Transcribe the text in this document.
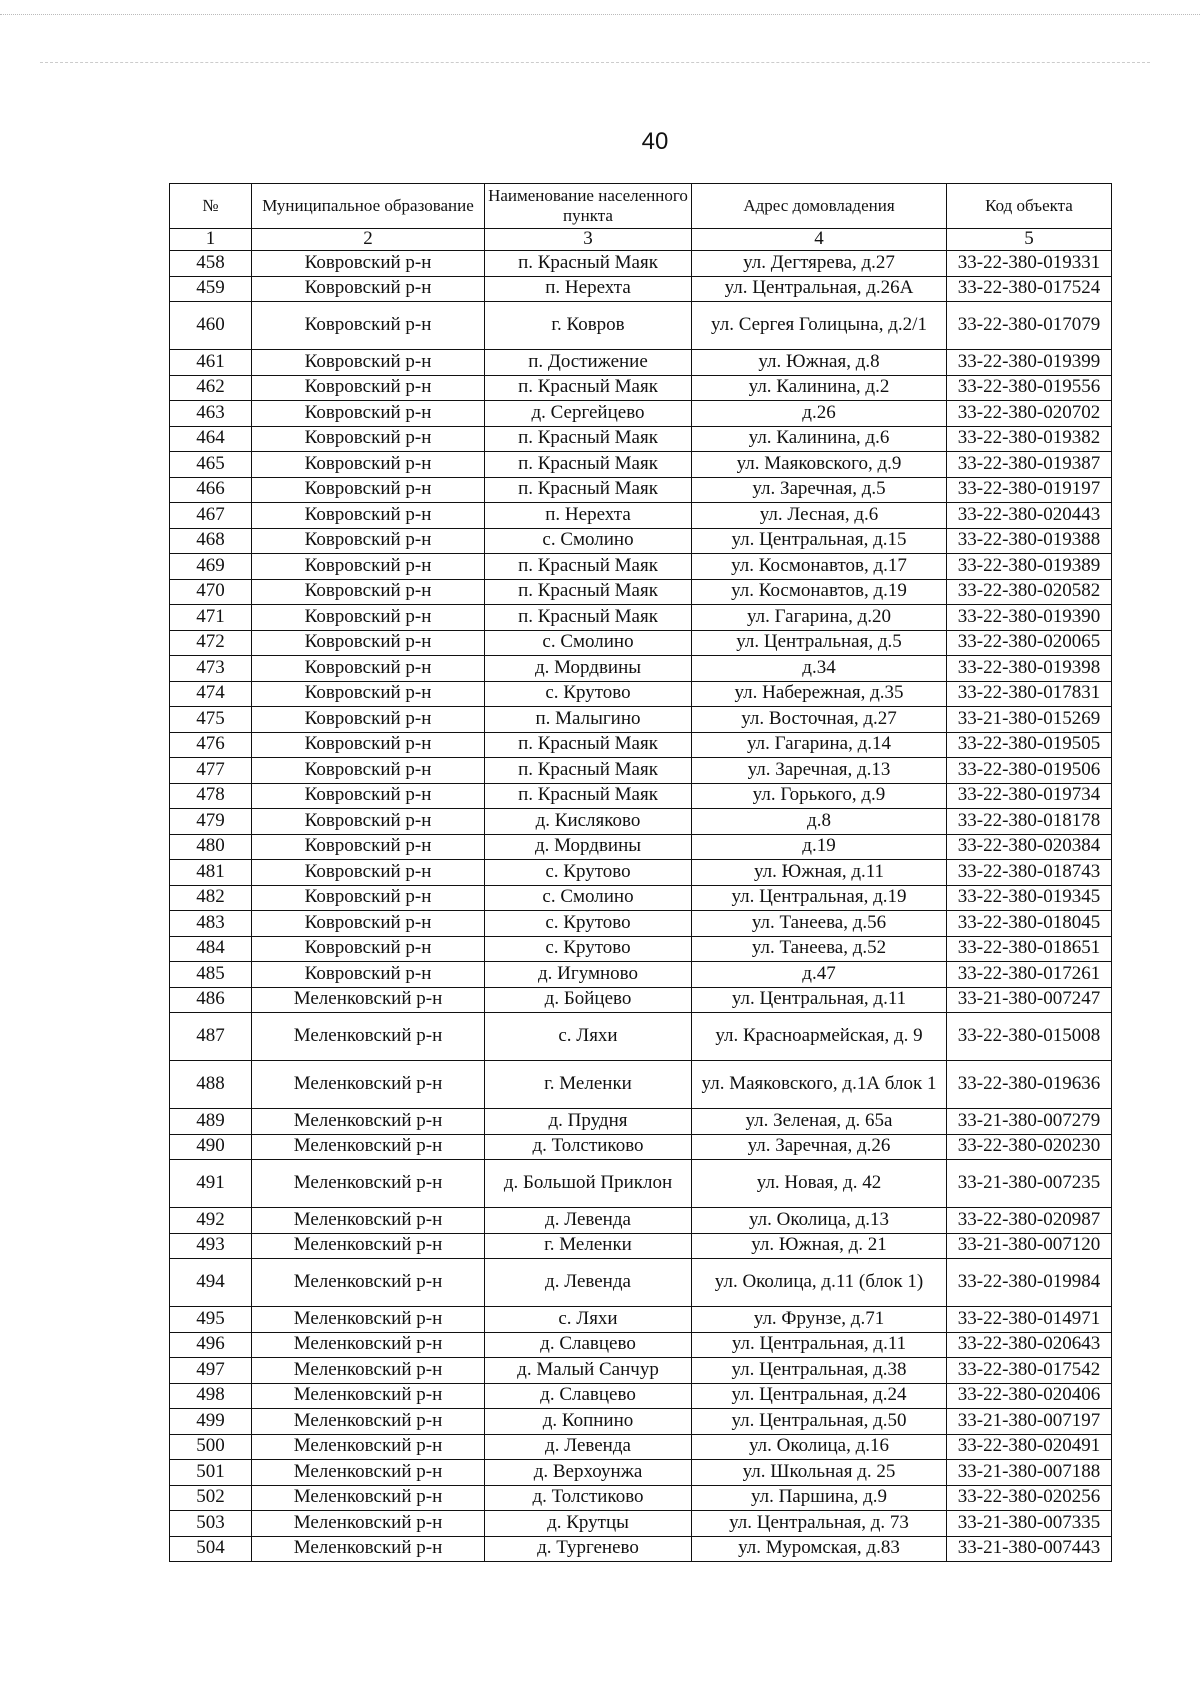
40
№	Муниципальное образование	Наименование населенного пункта	Адрес домовладения	Код объекта
1	2	3	4	5
458	Ковровский р-н	п. Красный Маяк	ул. Дегтярева, д.27	33-22-380-019331
459	Ковровский р-н	п. Нерехта	ул. Центральная, д.26А	33-22-380-017524
460	Ковровский р-н	г. Ковров	ул. Сергея Голицына, д.2/1	33-22-380-017079
461	Ковровский р-н	п. Достижение	ул. Южная, д.8	33-22-380-019399
462	Ковровский р-н	п. Красный Маяк	ул. Калинина, д.2	33-22-380-019556
463	Ковровский р-н	д. Сергейцево	д.26	33-22-380-020702
464	Ковровский р-н	п. Красный Маяк	ул. Калинина, д.6	33-22-380-019382
465	Ковровский р-н	п. Красный Маяк	ул. Маяковского, д.9	33-22-380-019387
466	Ковровский р-н	п. Красный Маяк	ул. Заречная, д.5	33-22-380-019197
467	Ковровский р-н	п. Нерехта	ул. Лесная, д.6	33-22-380-020443
468	Ковровский р-н	с. Смолино	ул. Центральная, д.15	33-22-380-019388
469	Ковровский р-н	п. Красный Маяк	ул. Космонавтов, д.17	33-22-380-019389
470	Ковровский р-н	п. Красный Маяк	ул. Космонавтов, д.19	33-22-380-020582
471	Ковровский р-н	п. Красный Маяк	ул. Гагарина, д.20	33-22-380-019390
472	Ковровский р-н	с. Смолино	ул. Центральная, д.5	33-22-380-020065
473	Ковровский р-н	д. Мордвины	д.34	33-22-380-019398
474	Ковровский р-н	с. Крутово	ул. Набережная, д.35	33-22-380-017831
475	Ковровский р-н	п. Малыгино	ул. Восточная, д.27	33-21-380-015269
476	Ковровский р-н	п. Красный Маяк	ул. Гагарина, д.14	33-22-380-019505
477	Ковровский р-н	п. Красный Маяк	ул. Заречная, д.13	33-22-380-019506
478	Ковровский р-н	п. Красный Маяк	ул. Горького, д.9	33-22-380-019734
479	Ковровский р-н	д. Кисляково	д.8	33-22-380-018178
480	Ковровский р-н	д. Мордвины	д.19	33-22-380-020384
481	Ковровский р-н	с. Крутово	ул. Южная, д.11	33-22-380-018743
482	Ковровский р-н	с. Смолино	ул. Центральная, д.19	33-22-380-019345
483	Ковровский р-н	с. Крутово	ул. Танеева, д.56	33-22-380-018045
484	Ковровский р-н	с. Крутово	ул. Танеева, д.52	33-22-380-018651
485	Ковровский р-н	д. Игумново	д.47	33-22-380-017261
486	Меленковский р-н	д. Бойцево	ул. Центральная, д.11	33-21-380-007247
487	Меленковский р-н	с. Ляхи	ул. Красноармейская, д. 9	33-22-380-015008
488	Меленковский р-н	г. Меленки	ул. Маяковского, д.1А блок 1	33-22-380-019636
489	Меленковский р-н	д. Прудня	ул. Зеленая, д. 65а	33-21-380-007279
490	Меленковский р-н	д. Толстиково	ул. Заречная, д.26	33-22-380-020230
491	Меленковский р-н	д. Большой Приклон	ул. Новая, д. 42	33-21-380-007235
492	Меленковский р-н	д. Левенда	ул. Околица, д.13	33-22-380-020987
493	Меленковский р-н	г. Меленки	ул. Южная, д. 21	33-21-380-007120
494	Меленковский р-н	д. Левенда	ул. Околица, д.11 (блок 1)	33-22-380-019984
495	Меленковский р-н	с. Ляхи	ул. Фрунзе, д.71	33-22-380-014971
496	Меленковский р-н	д. Славцево	ул. Центральная, д.11	33-22-380-020643
497	Меленковский р-н	д. Малый Санчур	ул. Центральная, д.38	33-22-380-017542
498	Меленковский р-н	д. Славцево	ул. Центральная, д.24	33-22-380-020406
499	Меленковский р-н	д. Копнино	ул. Центральная, д.50	33-21-380-007197
500	Меленковский р-н	д. Левенда	ул. Околица, д.16	33-22-380-020491
501	Меленковский р-н	д. Верхоунжа	ул. Школьная д. 25	33-21-380-007188
502	Меленковский р-н	д. Толстиково	ул. Паршина, д.9	33-22-380-020256
503	Меленковский р-н	д. Крутцы	ул. Центральная, д. 73	33-21-380-007335
504	Меленковский р-н	д. Тургенево	ул. Муромская, д.83	33-21-380-007443
